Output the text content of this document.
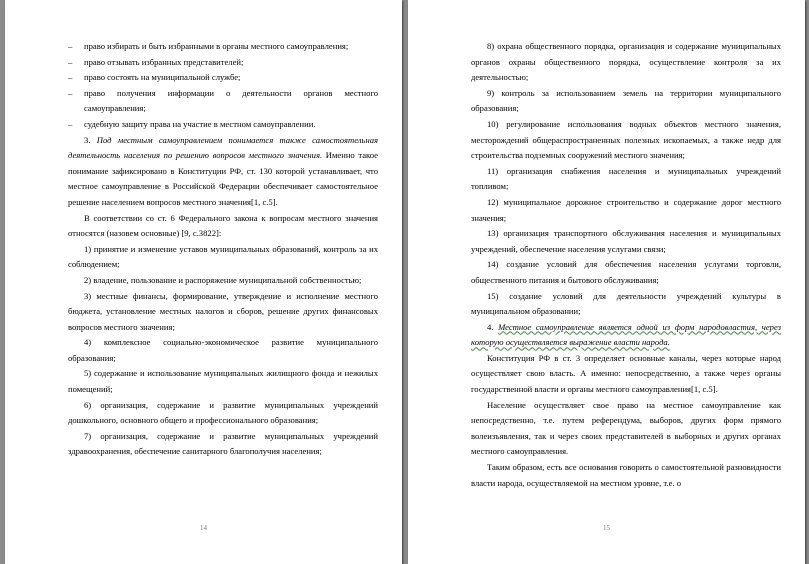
– право избирать и быть избранными в органы местного самоуправления;

– право отзывать избранных представителей;

– право состоять на муниципальной службе;

– право получения информации о деятельности органов местного самоуправления;

– судебную защиту права на участие в местном самоуправлении.

3. Под местным самоуправлением понимается также самостоятельная деятельность населения по решению вопросов местного значения. Именно такое понимание зафиксировано в Конституции РФ, ст. 130 которой устанавливает, что местное самоуправление в Российской Федерации обеспечивает самостоятельное решение населением вопросов местного значения[1, с.5].

В соответствии со ст. 6 Федерального закона к вопросам местного значения относятся (назовем основные) [9, с.3822]:

1) принятие и изменение уставов муниципальных образований, контроль за их соблюдением;

2) владение, пользование и распоряжение муниципальной собственностью;

3) местные финансы, формирование, утверждение и исполнение местного бюджета, установление местных налогов и сборов, решение других финансовых вопросов местного значения;

4) комплексное социально-экономическое развитие муниципального образования;

5) содержание и использование муниципальных жилищного фонда и нежилых помещений;

6) организация, содержание и развитие муниципальных учреждений дошкольного, основного общего и профессионального образования;

7) организация, содержание и развитие муниципальных учреждений здравоохранения, обеспечение санитарного благополучия населения;

14

8) охрана общественного порядка, организация и содержание муниципальных органов охраны общественного порядка, осуществление контроля за их деятельностью;

9) контроль за использованием земель на территории муниципального образования;

10) регулирование использования водных объектов местного значения, месторождений общераспространенных полезных ископаемых, а также недр для строительства подземных сооружений местного значения;

11) организация снабжения населения и муниципальных учреждений топливом;

12) муниципальное дорожное строительство и содержание дорог местного значения;

13) организация транспортного обслуживания населения и муниципальных учреждений, обеспечение населения услугами связи;

14) создание условий для обеспечения населения услугами торговли, общественного питания и бытового обслуживания;

15) создание условий для деятельности учреждений культуры в муниципальном образовании;

4. Местное самоуправление является одной из форм народовластия, через которую осуществляется выражение власти народа.

Конституция РФ в ст. 3 определяет основные каналы, через которые народ осуществляет свою власть. А именно: непосредственно, а также через органы государственной власти и органы местного самоуправления[1, с.5].

Население осуществляет свое право на местное самоуправление как непосредственно, т.е. путем референдума, выборов, других форм прямого волеизъявления, так и через своих представителей в выборных и других органах местного самоуправления.

Таким образом, есть все основания говорить о самостоятельной разновидности власти народа, осуществляемой на местном уровне, т.е. о

15
